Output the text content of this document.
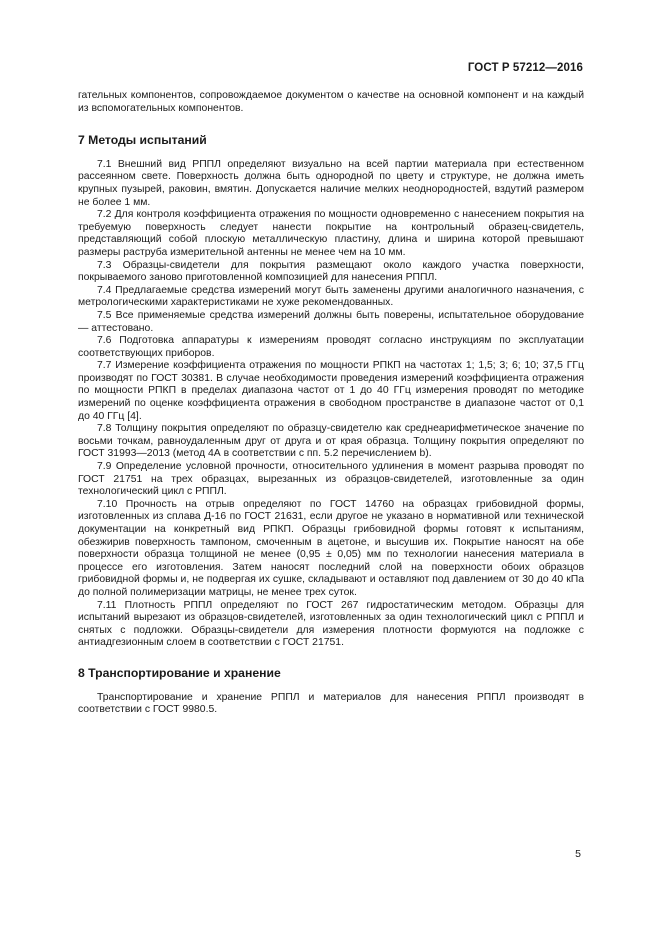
ГОСТ Р 57212—2016

гательных компонентов, сопровождаемое документом о качестве на основной компонент и на каждый из вспомогательных компонентов.

7 Методы испытаний

7.1 Внешний вид РППЛ определяют визуально на всей партии материала при естественном рассеянном свете. Поверхность должна быть однородной по цвету и структуре, не должна иметь крупных пузырей, раковин, вмятин. Допускается наличие мелких неоднородностей, вздутий размером не более 1 мм.

7.2 Для контроля коэффициента отражения по мощности одновременно с нанесением покрытия на требуемую поверхность следует нанести покрытие на контрольный образец-свидетель, представляющий собой плоскую металлическую пластину, длина и ширина которой превышают размеры раструба измерительной антенны не менее чем на 10 мм.

7.3 Образцы-свидетели для покрытия размещают около каждого участка поверхности, покрываемого заново приготовленной композицией для нанесения РППЛ.

7.4 Предлагаемые средства измерений могут быть заменены другими аналогичного назначения, с метрологическими характеристиками не хуже рекомендованных.

7.5 Все применяемые средства измерений должны быть поверены, испытательное оборудование — аттестовано.

7.6 Подготовка аппаратуры к измерениям проводят согласно инструкциям по эксплуатации соответствующих приборов.

7.7 Измерение коэффициента отражения по мощности РПКП на частотах 1; 1,5; 3; 6; 10; 37,5 ГГц производят по ГОСТ 30381. В случае необходимости проведения измерений коэффициента отражения по мощности РПКП в пределах диапазона частот от 1 до 40 ГГц измерения проводят по методике измерений по оценке коэффициента отражения в свободном пространстве в диапазоне частот от 0,1 до 40 ГГц [4].

7.8 Толщину покрытия определяют по образцу-свидетелю как среднеарифметическое значение по восьми точкам, равноудаленным друг от друга и от края образца. Толщину покрытия определяют по ГОСТ 31993—2013 (метод 4А в соответствии с пп. 5.2 перечислением b).

7.9 Определение условной прочности, относительного удлинения в момент разрыва проводят по ГОСТ 21751 на трех образцах, вырезанных из образцов-свидетелей, изготовленные за один технологический цикл с РППЛ.

7.10 Прочность на отрыв определяют по ГОСТ 14760 на образцах грибовидной формы, изготовленных из сплава Д-16 по ГОСТ 21631, если другое не указано в нормативной или технической документации на конкретный вид РПКП. Образцы грибовидной формы готовят к испытаниям, обезжирив поверхность тампоном, смоченным в ацетоне, и высушив их. Покрытие наносят на обе поверхности образца толщиной не менее (0,95 ± 0,05) мм по технологии нанесения материала в процессе его изготовления. Затем наносят последний слой на поверхности обоих образцов грибовидной формы и, не подвергая их сушке, складывают и оставляют под давлением от 30 до 40 кПа до полной полимеризации матрицы, не менее трех суток.

7.11 Плотность РППЛ определяют по ГОСТ 267 гидростатическим методом. Образцы для испытаний вырезают из образцов-свидетелей, изготовленных за один технологический цикл с РППЛ и снятых с подложки. Образцы-свидетели для измерения плотности формуются на подложке с антиадгезионным слоем в соответствии с ГОСТ 21751.

8 Транспортирование и хранение

Транспортирование и хранение РППЛ и материалов для нанесения РППЛ производят в соответствии с ГОСТ 9980.5.

5
